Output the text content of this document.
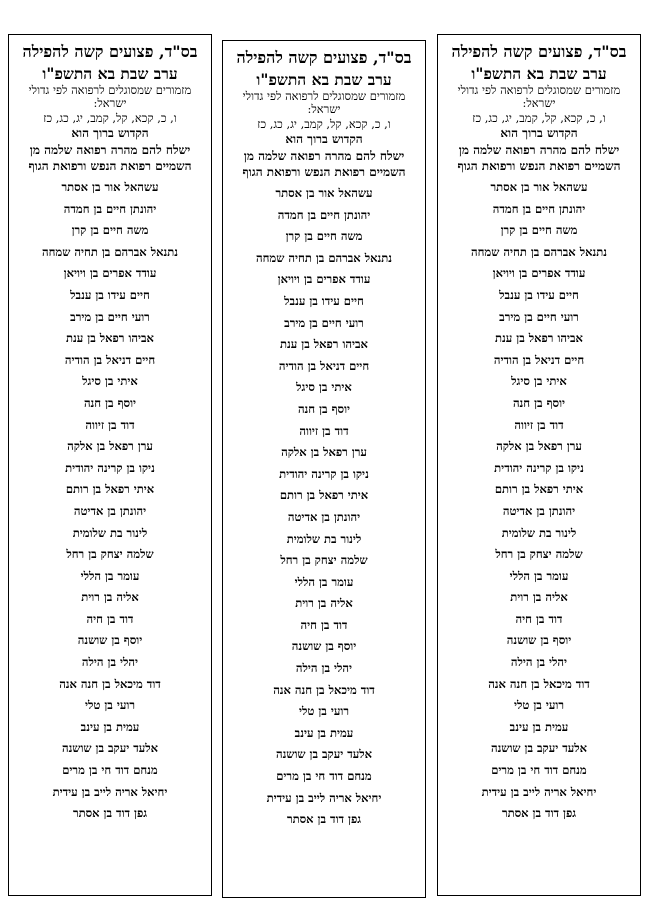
בס"ד, פצועים קשה להפילה
ערב שבת בא התשפ"ו
מזמורים שמסוגלים לרפואה לפי גדולי ישראל:
ו, כ, קכא, קל, קמב, יג, כג, כז
הקדוש ברוך הוא
ישלח להם מהרה רפואה שלמה מן השמיים רפואת הנפש ורפואת הגוף
עשהאל אור בן אסתר
יהונתן חיים בן חמדה
משה חיים בן קרן
נתנאל אברהם בן תחיה שמחה
עודד אפרים בן ויויאן
חיים עידו בן ענבל
רועי חיים בן מירב
אביהו רפאל בן ענת
חיים דניאל בן הודיה
איתי בן סיגל
יוסף בן חנה
דוד בן זיווה
ערן רפאל בן אלקה
ניקו בן קרינה יהודית
איתי רפאל בן רותם
יהונתן בן אדיטה
לינור בת שלומית
שלמה יצחק בן רחל
עומר בן הללי
אליה בן רוית
דוד בן חיה
יוסף בן שושנה
יהלי בן הילה
דוד מיכאל בן חנה אנה
רועי בן טלי
עמית בן עינב
אלעד יעקב בן שושנה
מנחם דוד חי בן מרים
יחיאל אריה לייב בן עידית
גפן דוד בן אסתר
בס"ד, פצועים קשה להפילה
ערב שבת בא התשפ"ו
מזמורים שמסוגלים לרפואה לפי גדולי ישראל:
ו, כ, קכא, קל, קמב, יג, כג, כז
הקדוש ברוך הוא
ישלח להם מהרה רפואה שלמה מן השמיים רפואת הנפש ורפואת הגוף
עשהאל אור בן אסתר
יהונתן חיים בן חמדה
משה חיים בן קרן
נתנאל אברהם בן תחיה שמחה
עודד אפרים בן ויויאן
חיים עידו בן ענבל
רועי חיים בן מירב
אביהו רפאל בן ענת
חיים דניאל בן הודיה
איתי בן סיגל
יוסף בן חנה
דוד בן זיווה
ערן רפאל בן אלקה
ניקו בן קרינה יהודית
איתי רפאל בן רותם
יהונתן בן אדיטה
לינור בת שלומית
שלמה יצחק בן רחל
עומר בן הללי
אליה בן רוית
דוד בן חיה
יוסף בן שושנה
יהלי בן הילה
דוד מיכאל בן חנה אנה
רועי בן טלי
עמית בן עינב
אלעד יעקב בן שושנה
מנחם דוד חי בן מרים
יחיאל אריה לייב בן עידית
גפן דוד בן אסתר
בס"ד, פצועים קשה להפילה
ערב שבת בא התשפ"ו
מזמורים שמסוגלים לרפואה לפי גדולי ישראל:
ו, כ, קכא, קל, קמב, יג, כג, כז
הקדוש ברוך הוא
ישלח להם מהרה רפואה שלמה מן השמיים רפואת הנפש ורפואת הגוף
עשהאל אור בן אסתר
יהונתן חיים בן חמדה
משה חיים בן קרן
נתנאל אברהם בן תחיה שמחה
עודד אפרים בן ויויאן
חיים עידו בן ענבל
רועי חיים בן מירב
אביהו רפאל בן ענת
חיים דניאל בן הודיה
איתי בן סיגל
יוסף בן חנה
דוד בן זיווה
ערן רפאל בן אלקה
ניקו בן קרינה יהודית
איתי רפאל בן רותם
יהונתן בן אדיטה
לינור בת שלומית
שלמה יצחק בן רחל
עומר בן הללי
אליה בן רוית
דוד בן חיה
יוסף בן שושנה
יהלי בן הילה
דוד מיכאל בן חנה אנה
רועי בן טלי
עמית בן עינב
אלעד יעקב בן שושנה
מנחם דוד חי בן מרים
יחיאל אריה לייב בן עידית
גפן דוד בן אסתר
